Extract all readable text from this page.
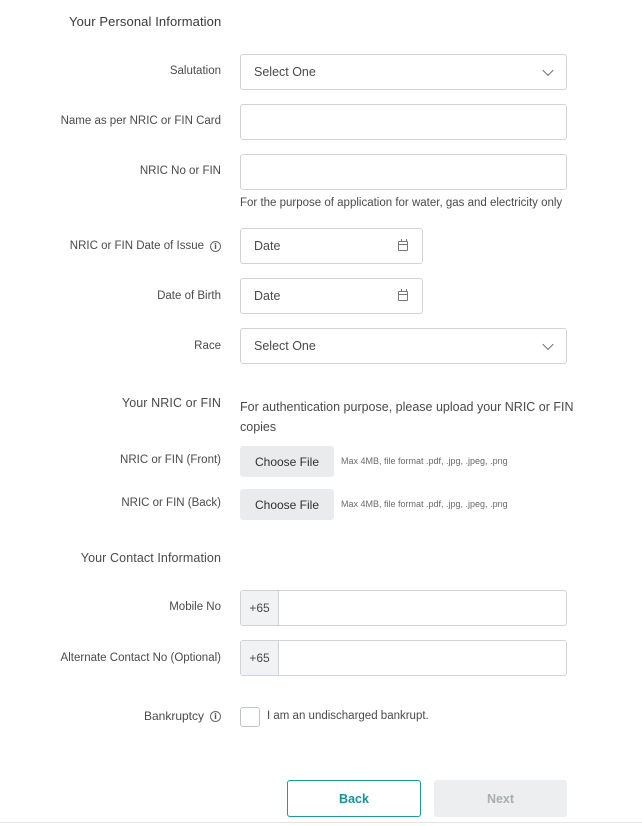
Your Personal Information
Salutation	Select One
Name as per NRIC or FIN Card
NRIC No or FIN
For the purpose of application for water, gas and electricity only
NRIC or FIN Date of Issue	i	Date
Date of Birth	Date
Race	Select One
Your NRIC or FIN For authentication purpose, please upload your NRIC or FIN copies
NRIC or FIN (Front)	Choose File	Max 4MB, file format .pdf, .jpg, .jpeg, .png
NRIC or FIN (Back)	Choose File	Max 4MB, file format .pdf, .jpg, .jpeg, .png
Your Contact Information
Mobile No	+65
Alternate Contact No (Optional)	+65
Bankruptcy	i	I am an undischarged bankrupt.
Back	Next
